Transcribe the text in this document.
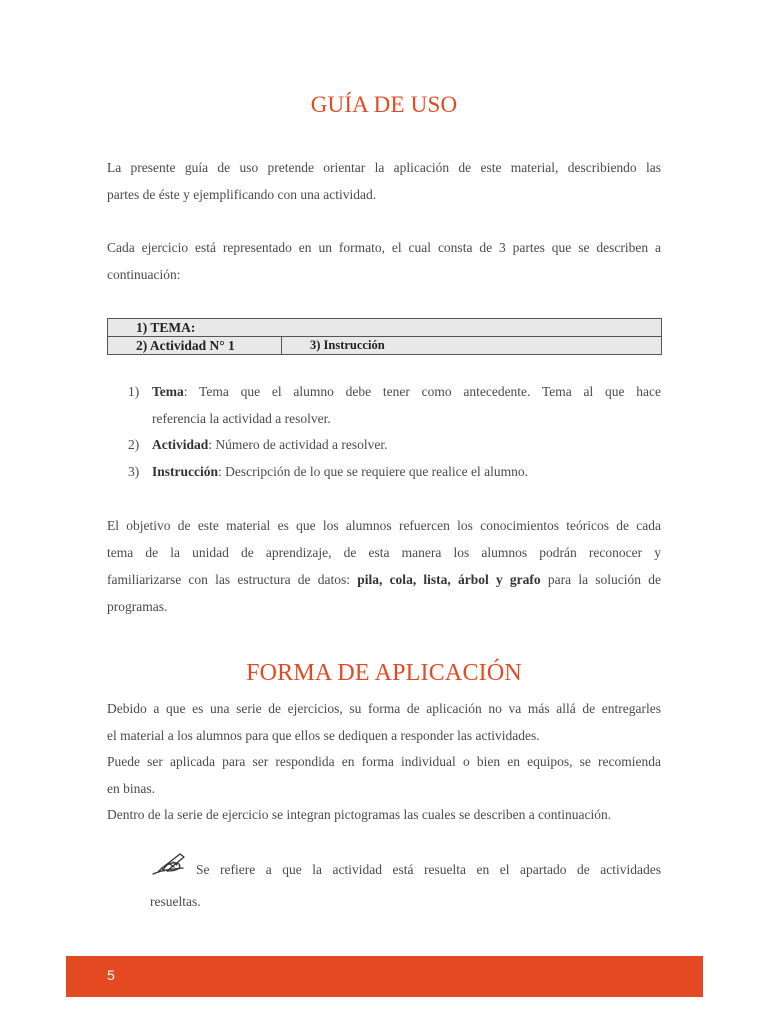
GUÍA DE USO
La presente guía de uso pretende orientar la aplicación de este material, describiendo las
partes de éste y ejemplificando con una actividad.
Cada ejercicio está representado en un formato, el cual consta de 3 partes que se describen a
continuación:
1) TEMA:
2) Actividad N° 1	3) Instrucción
1) Tema: Tema que el alumno debe tener como antecedente. Tema al que hace
referencia la actividad a resolver.
2) Actividad: Número de actividad a resolver.
3) Instrucción: Descripción de lo que se requiere que realice el alumno.
El objetivo de este material es que los alumnos refuercen los conocimientos teóricos de cada
tema de la unidad de aprendizaje, de esta manera los alumnos podrán reconocer y
familiarizarse con las estructura de datos: pila, cola, lista, árbol y grafo para la solución de
programas.
FORMA DE APLICACIÓN
Debido a que es una serie de ejercicios, su forma de aplicación no va más allá de entregarles
el material a los alumnos para que ellos se dediquen a responder las actividades.
Puede ser aplicada para ser respondida en forma individual o bien en equipos, se recomienda
en binas.
Dentro de la serie de ejercicio se integran pictogramas las cuales se describen a continuación.
Se refiere a que la actividad está resuelta en el apartado de actividades
resueltas.
5
